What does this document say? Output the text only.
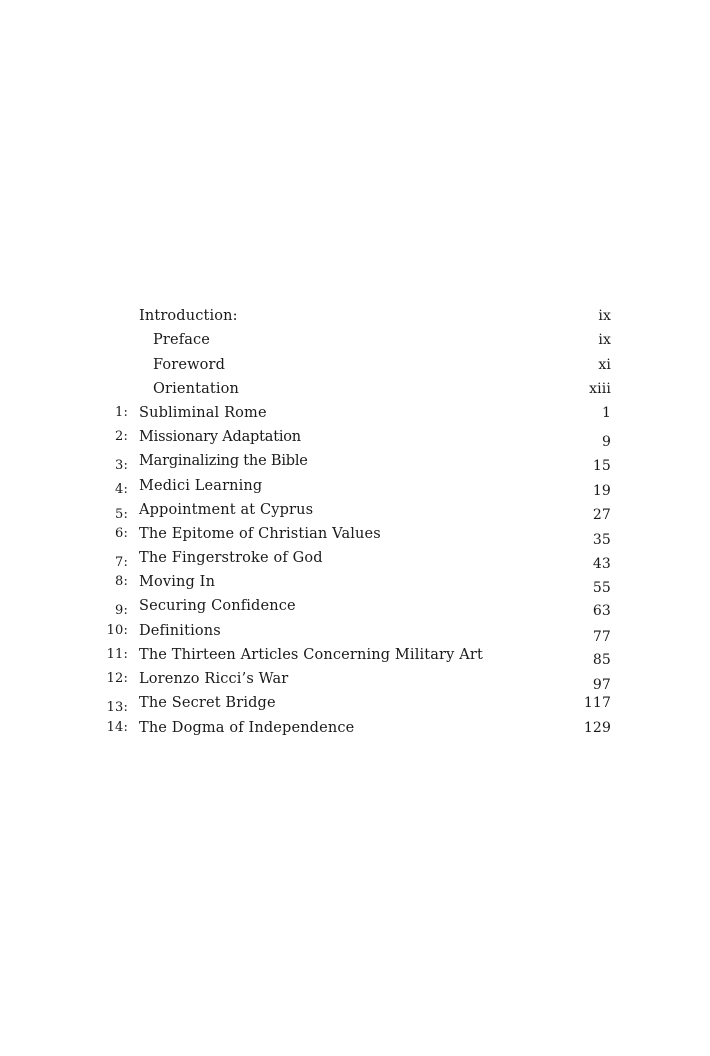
Introduction:	ix
Preface	ix
Foreword	xi
Orientation	xiii
1: Subliminal Rome	1
2: Missionary Adaptation	9
3: Marginalizing the Bible	15
4: Medici Learning	19
5: Appointment at Cyprus	27
6: The Epitome of Christian Values	35
7: The Fingerstroke of God	43
8: Moving In	55
9: Securing Confidence	63
10: Definitions	77
11: The Thirteen Articles Concerning Military Art	85
12: Lorenzo Ricci’s War	97
13: The Secret Bridge	117
14: The Dogma of Independence	129
